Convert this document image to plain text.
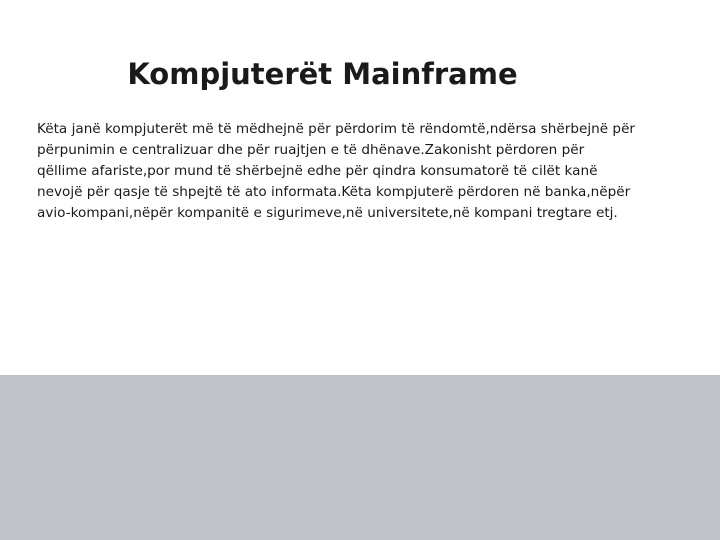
Kompjuterët Mainframe

Këta janë kompjuterët më të mëdhejnë për përdorim të rëndomtë,ndërsa shërbejnë për përpunimin e centralizuar dhe për ruajtjen e të dhënave.Zakonisht përdoren për qëllime afariste,por mund të shërbejnë edhe për qindra konsumatorë të cilët kanë nevojë për qasje të shpejtë të ato informata.Këta kompjuterë përdoren në banka,nëpër avio-kompani,nëpër kompanitë e sigurimeve,në universitete,në kompani tregtare etj.
